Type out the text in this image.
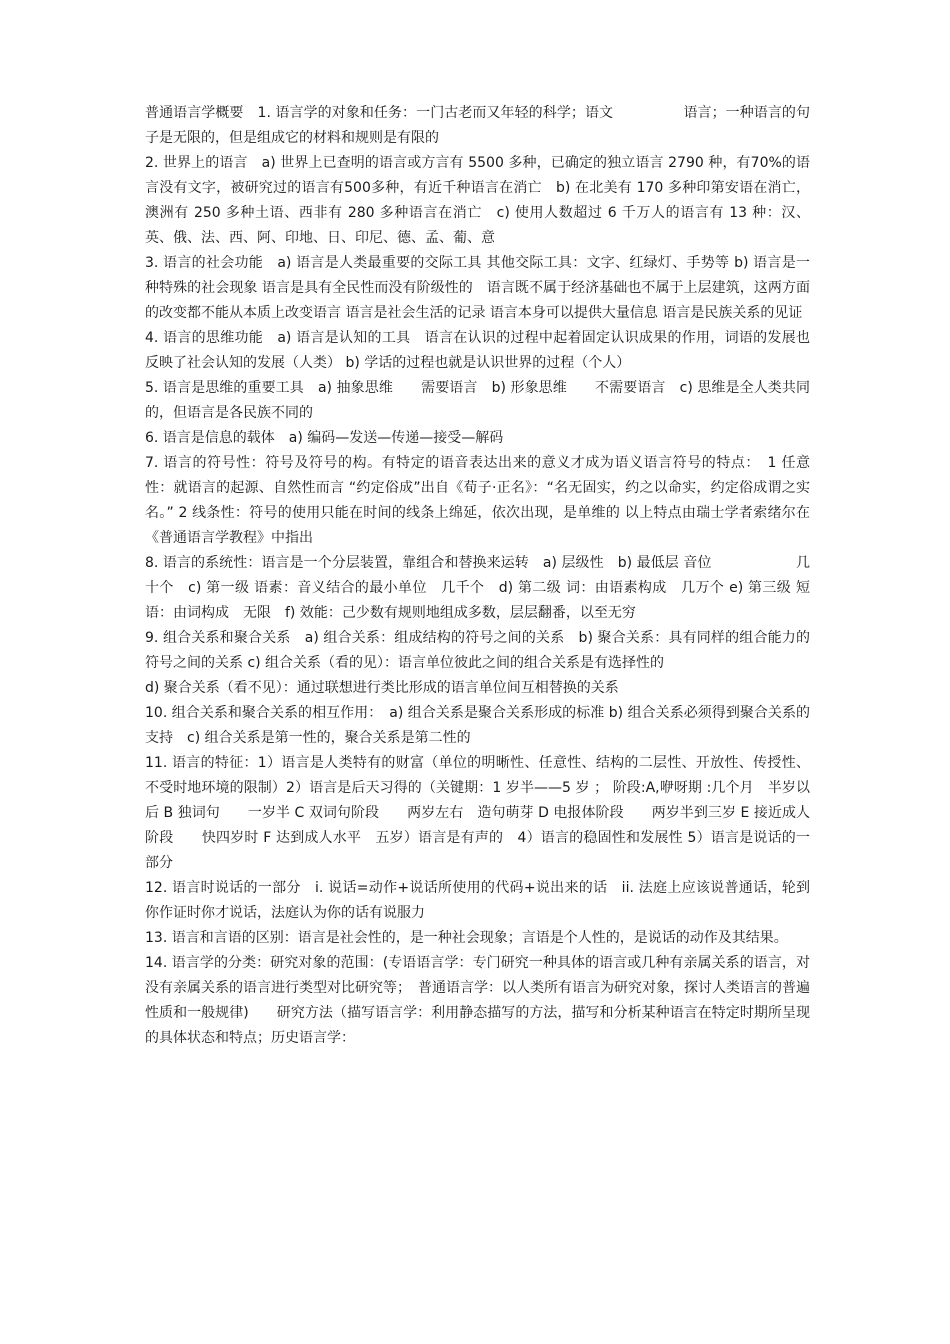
普通语言学概要　1. 语言学的对象和任务：一门古老而又年轻的科学；语文　　　　　语言；一种语言的句子是无限的，但是组成它的材料和规则是有限的

2. 世界上的语言　a) 世界上已查明的语言或方言有 5500 多种，已确定的独立语言 2790 种，有70%的语言没有文字，被研究过的语言有500多种，有近千种语言在消亡　b) 在北美有 170 多种印第安语在消亡，澳洲有 250 多种土语、西非有 280 多种语言在消亡　c) 使用人数超过 6 千万人的语言有 13 种：汉、英、俄、法、西、阿、印地、日、印尼、德、孟、葡、意

3. 语言的社会功能　a) 语言是人类最重要的交际工具 其他交际工具：文字、红绿灯、手势等 b) 语言是一种特殊的社会现象 语言是具有全民性而没有阶级性的　语言既不属于经济基础也不属于上层建筑，这两方面的改变都不能从本质上改变语言 语言是社会生活的记录 语言本身可以提供大量信息 语言是民族关系的见证

4. 语言的思维功能　a) 语言是认知的工具　语言在认识的过程中起着固定认识成果的作用，词语的发展也反映了社会认知的发展（人类） b) 学话的过程也就是认识世界的过程（个人）

5. 语言是思维的重要工具　a) 抽象思维　　需要语言　b) 形象思维　　不需要语言　c) 思维是全人类共同的，但语言是各民族不同的

6. 语言是信息的载体　a) 编码—发送—传递—接受—解码

7. 语言的符号性：符号及符号的构。有特定的语音表达出来的意义才成为语义语言符号的特点：　1 任意性：就语言的起源、自然性而言 “约定俗成”出自《荀子·正名》：“名无固实，约之以命实，约定俗成谓之实名。” 2 线条性：符号的使用只能在时间的线条上绵延，依次出现，是单维的 以上特点由瑞士学者索绪尔在《普通语言学教程》中指出

8. 语言的系统性：语言是一个分层装置，靠组合和替换来运转　a) 层级性　b) 最低层 音位　　　　　　几十个　c) 第一级 语素：音义结合的最小单位　几千个　d) 第二级 词：由语素构成　几万个 e) 第三级 短语：由词构成　无限　f) 效能：己少数有规则地组成多数，层层翻番，以至无穷

9. 组合关系和聚合关系　a) 组合关系：组成结构的符号之间的关系　b) 聚合关系：具有同样的组合能力的符号之间的关系 c) 组合关系（看的见）：语言单位彼此之间的组合关系是有选择性的

d) 聚合关系（看不见）：通过联想进行类比形成的语言单位间互相替换的关系

10. 组合关系和聚合关系的相互作用：　a) 组合关系是聚合关系形成的标准 b) 组合关系必须得到聚合关系的支持　c) 组合关系是第一性的，聚合关系是第二性的

11. 语言的特征：1）语言是人类特有的财富（单位的明晰性、任意性、结构的二层性、开放性、传授性、不受时地环境的限制）2）语言是后天习得的（关键期：1 岁半——5 岁 ； 阶段:A,咿呀期 :几个月　半岁以后 B 独词句　　一岁半 C 双词句阶段　　两岁左右　造句萌芽 D 电报体阶段　　两岁半到三岁 E 接近成人阶段　　快四岁时 F 达到成人水平　五岁）语言是有声的　4）语言的稳固性和发展性 5）语言是说话的一部分

12. 语言时说话的一部分　i. 说话=动作+说话所使用的代码+说出来的话　ii. 法庭上应该说普通话，轮到你作证时你才说话，法庭认为你的话有说服力

13. 语言和言语的区别：语言是社会性的，是一种社会现象；言语是个人性的，是说话的动作及其结果。

14. 语言学的分类：研究对象的范围：(专语语言学：专门研究一种具体的语言或几种有亲属关系的语言，对 没有亲属关系的语言进行类型对比研究等；　普通语言学：以人类所有语言为研究对象，探讨人类语言的普遍性质和一般规律)　　研究方法（描写语言学：利用静态描写的方法，描写和分析某种语言在特定时期所呈现 的具体状态和特点；历史语言学：
